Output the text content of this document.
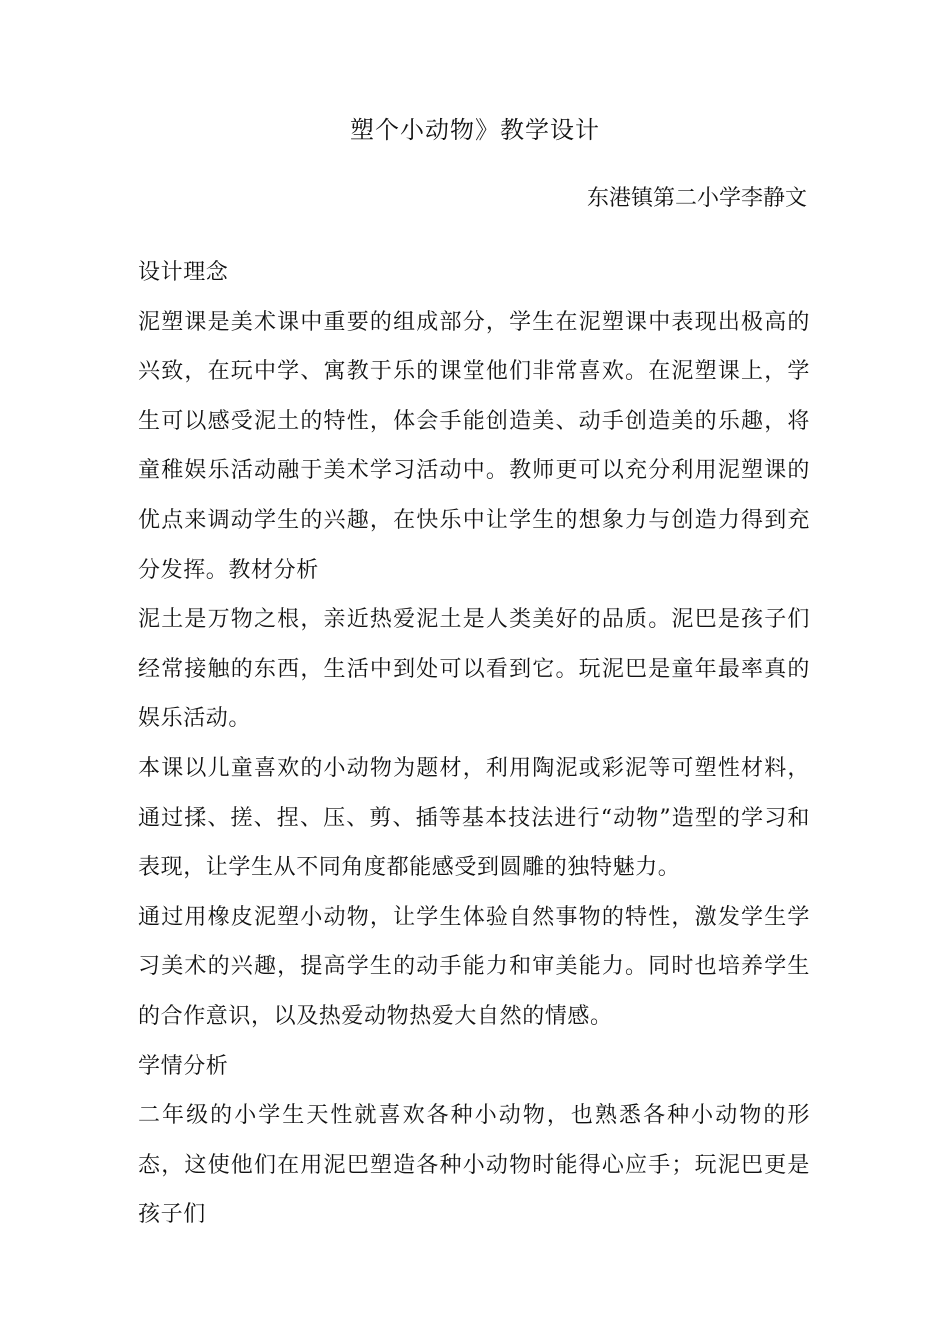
塑个小动物》教学设计

东港镇第二小学李静文

设计理念

泥塑课是美术课中重要的组成部分，学生在泥塑课中表现出极高的兴致，在玩中学、寓教于乐的课堂他们非常喜欢。在泥塑课上，学生可以感受泥土的特性，体会手能创造美、动手创造美的乐趣，将童稚娱乐活动融于美术学习活动中。教师更可以充分利用泥塑课的优点来调动学生的兴趣，在快乐中让学生的想象力与创造力得到充分发挥。教材分析

泥土是万物之根，亲近热爱泥土是人类美好的品质。泥巴是孩子们经常接触的东西，生活中到处可以看到它。玩泥巴是童年最率真的娱乐活动。

本课以儿童喜欢的小动物为题材，利用陶泥或彩泥等可塑性材料，通过揉、搓、捏、压、剪、插等基本技法进行“动物”造型的学习和表现，让学生从不同角度都能感受到圆雕的独特魅力。

通过用橡皮泥塑小动物，让学生体验自然事物的特性，激发学生学习美术的兴趣，提高学生的动手能力和审美能力。同时也培养学生的合作意识，以及热爱动物热爱大自然的情感。

学情分析

二年级的小学生天性就喜欢各种小动物，也熟悉各种小动物的形态，这使他们在用泥巴塑造各种小动物时能得心应手；玩泥巴更是孩子们
